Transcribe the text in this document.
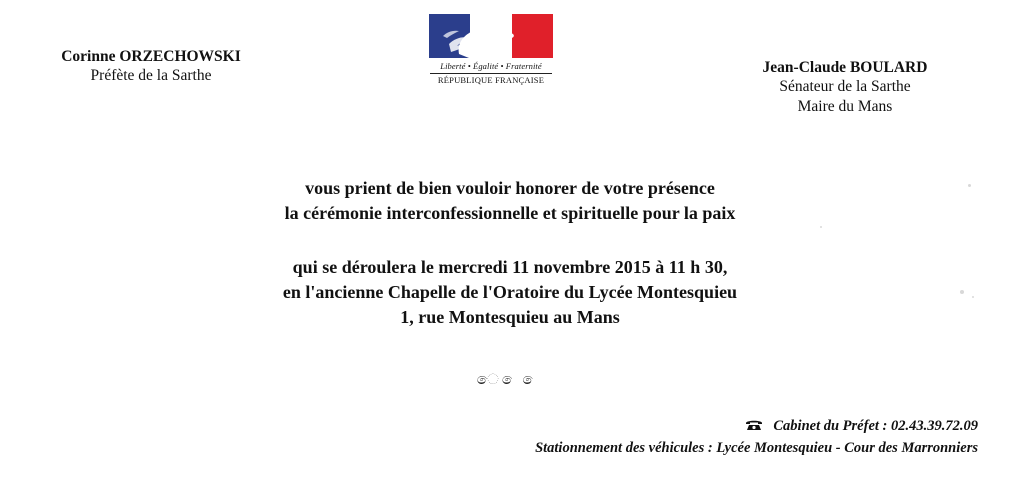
Corinne ORZECHOWSKI
Préfète de la Sarthe
Liberté • Égalité • Fraternité
RÉPUBLIQUE FRANÇAISE
Jean-Claude BOULARD
Sénateur de la Sarthe
Maire du Mans

vous prient de bien vouloir honorer de votre présence

la cérémonie interconfessionnelle et spirituelle pour la paix

qui se déroulera le mercredi 11 novembre 2015 à 11 h 30,

en l'ancienne Chapelle de l'Oratoire du Lycée Montesquieu

1, rue Montesquieu au Mans

ෙ ෙ ෙ
Cabinet du Préfet : 02.43.39.72.09
Stationnement des véhicules : Lycée Montesquieu - Cour des Marronniers
